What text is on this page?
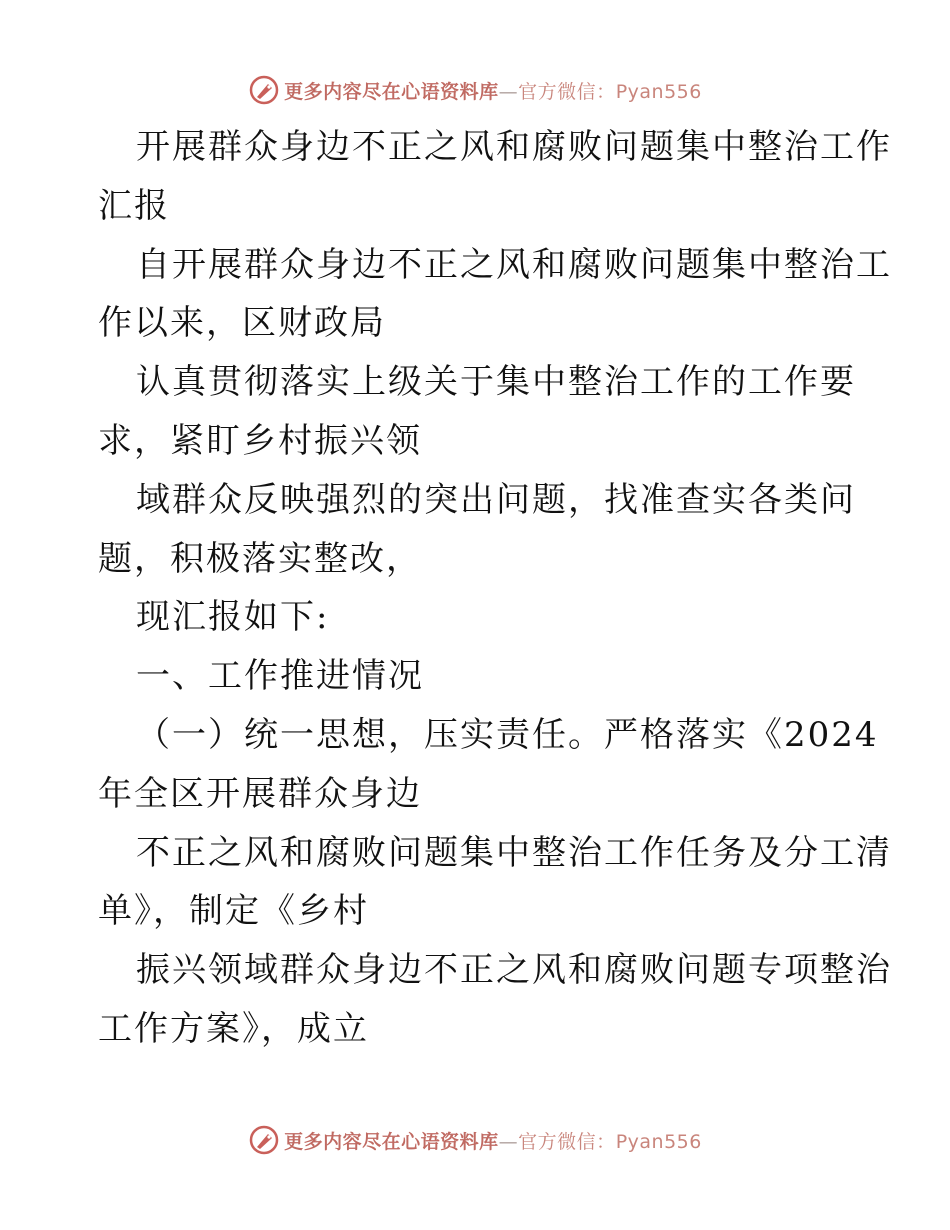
更多内容尽在心语资料库—官方微信：Pyan556
开展群众身边不正之风和腐败问题集中整治工作
汇报
自开展群众身边不正之风和腐败问题集中整治工
作以来，区财政局
认真贯彻落实上级关于集中整治工作的工作要
求，紧盯乡村振兴领
域群众反映强烈的突出问题，找准查实各类问
题，积极落实整改，
现汇报如下:
一、工作推进情况
（一）统一思想，压实责任。严格落实《2024
年全区开展群众身边
不正之风和腐败问题集中整治工作任务及分工清
单》，制定《乡村
振兴领域群众身边不正之风和腐败问题专项整治
工作方案》，成立
更多内容尽在心语资料库—官方微信：Pyan556
